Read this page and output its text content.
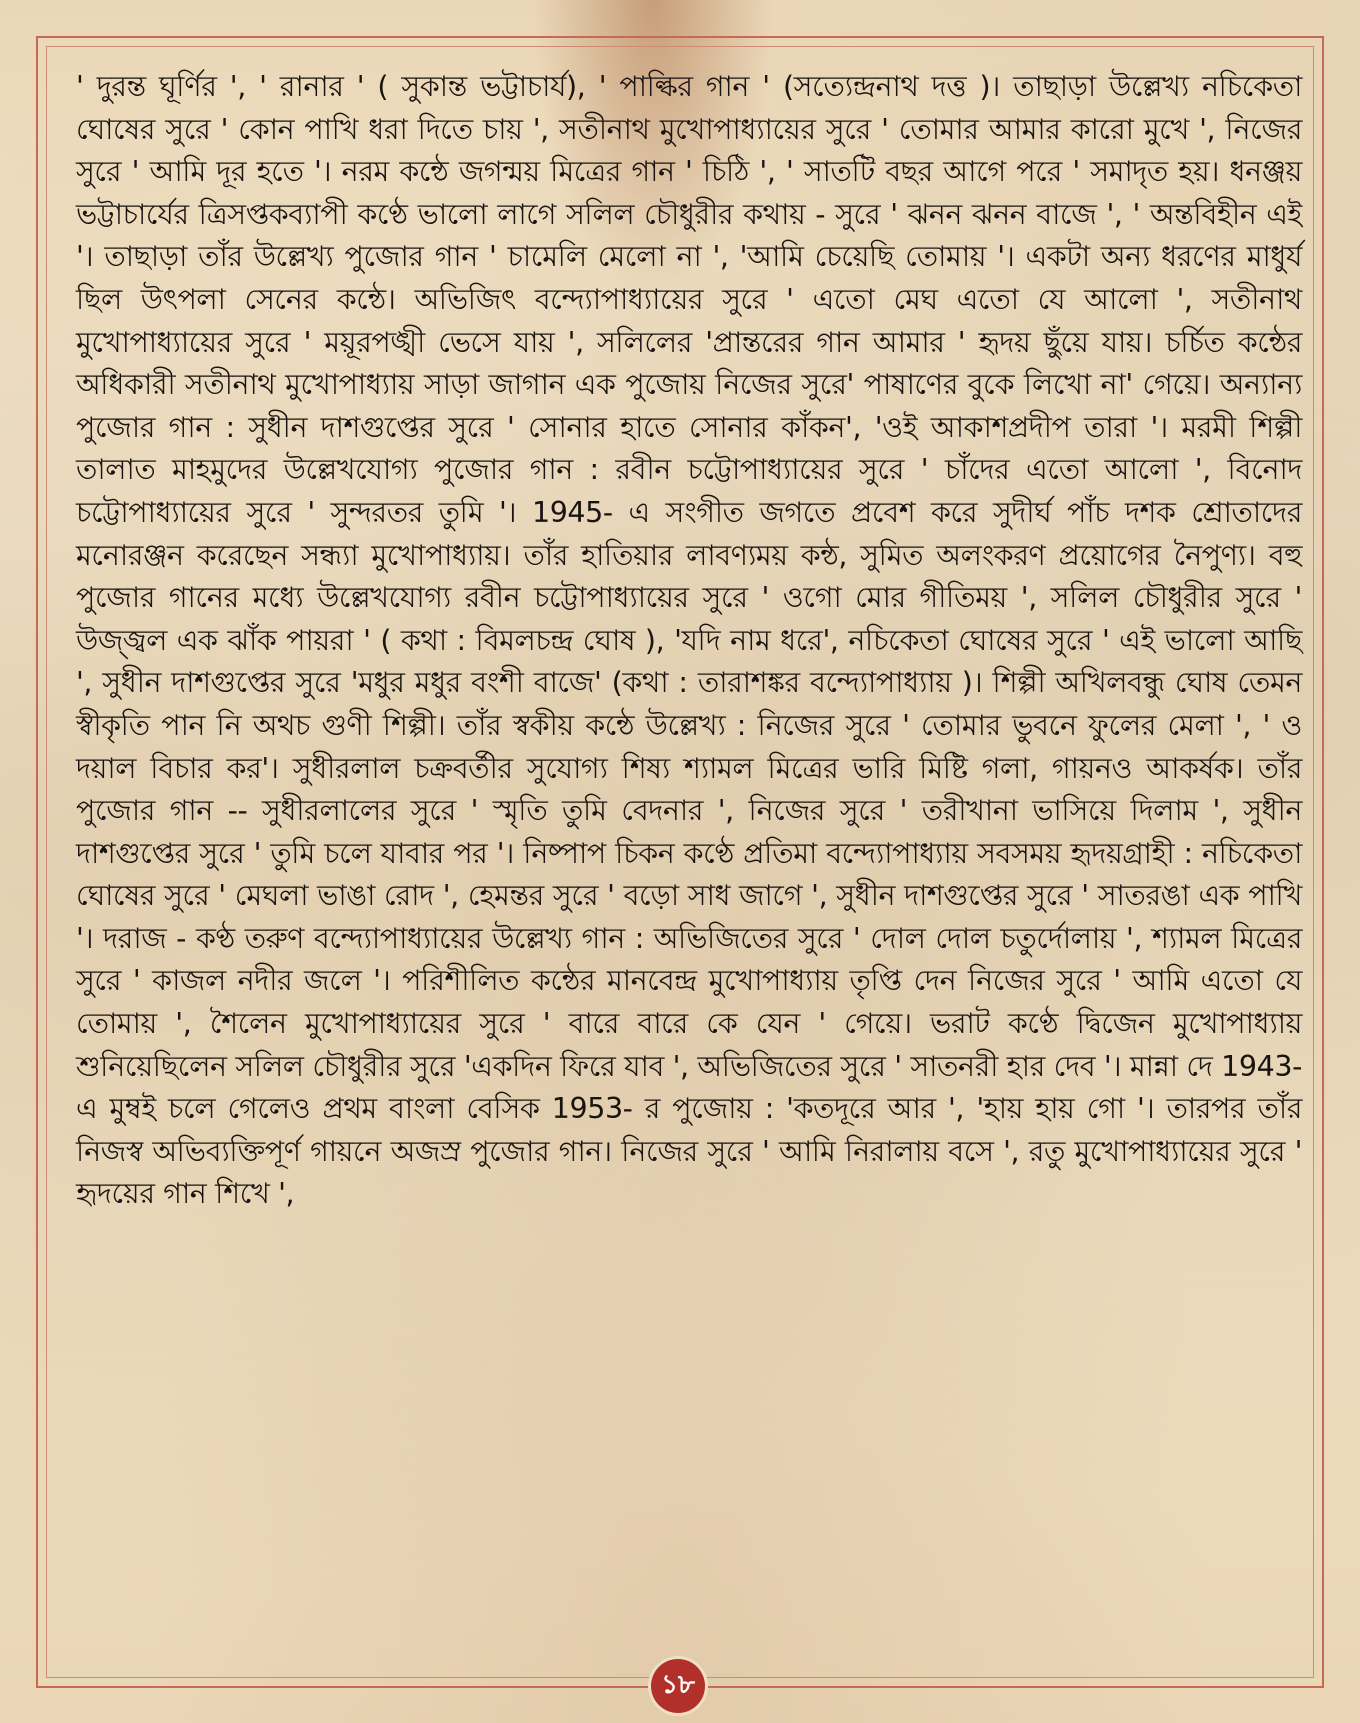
' দুরন্ত ঘূর্ণির ', ' রানার ' ( সুকান্ত ভট্টাচার্য), ' পাল্কির গান ' (সত্যেন্দ্রনাথ দত্ত )। তাছাড়া উল্লেখ্য নচিকেতা ঘোষের সুরে ' কোন পাখি ধরা দিতে চায় ', সতীনাথ মুখোপাধ্যায়ের সুরে ' তোমার আমার কারো মুখে ', নিজের সুরে ' আমি দূর হতে '। নরম কন্ঠে জগন্ময় মিত্রের গান ' চিঠি ', ' সাতটি বছর আগে পরে ' সমাদৃত হয়। ধনঞ্জয় ভট্টাচার্যের ত্রিসপ্তকব্যাপী কণ্ঠে ভালো লাগে সলিল চৌধুরীর কথায় - সুরে ' ঝনন ঝনন বাজে ', ' অন্তবিহীন এই '। তাছাড়া তাঁর উল্লেখ্য পুজোর গান ' চামেলি মেলো না ', 'আমি চেয়েছি তোমায় '। একটা অন্য ধরণের মাধুর্য ছিল উৎপলা সেনের কন্ঠে। অভিজিৎ বন্দ্যোপাধ্যায়ের সুরে ' এতো মেঘ এতো যে আলো ', সতীনাথ মুখোপাধ্যায়ের সুরে ' ময়ূরপঙ্খী ভেসে যায় ', সলিলের 'প্রান্তরের গান আমার ' হৃদয় ছুঁয়ে যায়। চর্চিত কন্ঠের অধিকারী সতীনাথ মুখোপাধ্যায় সাড়া জাগান এক পুজোয় নিজের সুরে' পাষাণের বুকে লিখো না' গেয়ে। অন্যান্য পুজোর গান : সুধীন দাশগুপ্তের সুরে ' সোনার হাতে সোনার কাঁকন', 'ওই আকাশপ্রদীপ তারা '। মরমী শিল্পী তালাত মাহমুদের উল্লেখযোগ্য পুজোর গান : রবীন চট্টোপাধ্যায়ের সুরে ' চাঁদের এতো আলো ', বিনোদ চট্টোপাধ্যায়ের সুরে ' সুন্দরতর তুমি '। 1945- এ সংগীত জগতে প্রবেশ করে সুদীর্ঘ পাঁচ দশক শ্রোতাদের মনোরঞ্জন করেছেন সন্ধ্যা মুখোপাধ্যায়। তাঁর হাতিয়ার লাবণ্যময় কন্ঠ, সুমিত অলংকরণ প্রয়োগের নৈপুণ্য। বহু পুজোর গানের মধ্যে উল্লেখযোগ্য রবীন চট্টোপাধ্যায়ের সুরে ' ওগো মোর গীতিময় ', সলিল চৌধুরীর সুরে ' উজ্জ্বল এক ঝাঁক পায়রা ' ( কথা : বিমলচন্দ্র ঘোষ ), 'যদি নাম ধরে', নচিকেতা ঘোষের সুরে ' এই ভালো আছি ', সুধীন দাশগুপ্তের সুরে 'মধুর মধুর বংশী বাজে' (কথা : তারাশঙ্কর বন্দ্যোপাধ্যায় )। শিল্পী অখিলবন্ধু ঘোষ তেমন স্বীকৃতি পান নি অথচ গুণী শিল্পী। তাঁর স্বকীয় কন্ঠে উল্লেখ্য : নিজের সুরে ' তোমার ভুবনে ফুলের মেলা ', ' ও দয়াল বিচার কর'। সুধীরলাল চক্রবর্তীর সুযোগ্য শিষ্য শ্যামল মিত্রের ভারি মিষ্টি গলা, গায়নও আকর্ষক। তাঁর পুজোর গান -- সুধীরলালের সুরে ' স্মৃতি তুমি বেদনার ', নিজের সুরে ' তরীখানা ভাসিয়ে দিলাম ', সুধীন দাশগুপ্তের সুরে ' তুমি চলে যাবার পর '। নিষ্পাপ চিকন কণ্ঠে প্রতিমা বন্দ্যোপাধ্যায় সবসময় হৃদয়গ্রাহী : নচিকেতা ঘোষের সুরে ' মেঘলা ভাঙা রোদ ', হেমন্তর সুরে ' বড়ো সাধ জাগে ', সুধীন দাশগুপ্তের সুরে ' সাতরঙা এক পাখি '। দরাজ - কণ্ঠ তরুণ বন্দ্যোপাধ্যায়ের উল্লেখ্য গান : অভিজিতের সুরে ' দোল দোল চতুর্দোলায় ', শ্যামল মিত্রের সুরে ' কাজল নদীর জলে '। পরিশীলিত কন্ঠের মানবেন্দ্র মুখোপাধ্যায় তৃপ্তি দেন নিজের সুরে ' আমি এতো যে তোমায় ', শৈলেন মুখোপাধ্যায়ের সুরে ' বারে বারে কে যেন ' গেয়ে। ভরাট কণ্ঠে দ্বিজেন মুখোপাধ্যায় শুনিয়েছিলেন সলিল চৌধুরীর সুরে 'একদিন ফিরে যাব ', অভিজিতের সুরে ' সাতনরী হার দেব '। মান্না দে 1943- এ মুম্বই চলে গেলেও প্রথম বাংলা বেসিক 1953- র পুজোয় : 'কতদূরে আর ', 'হায় হায় গো '। তারপর তাঁর নিজস্ব অভিব্যক্তিপূর্ণ গায়নে অজস্র পুজোর গান। নিজের সুরে ' আমি নিরালায় বসে ', রতু মুখোপাধ্যায়ের সুরে ' হৃদয়ের গান শিখে ',

১৮
